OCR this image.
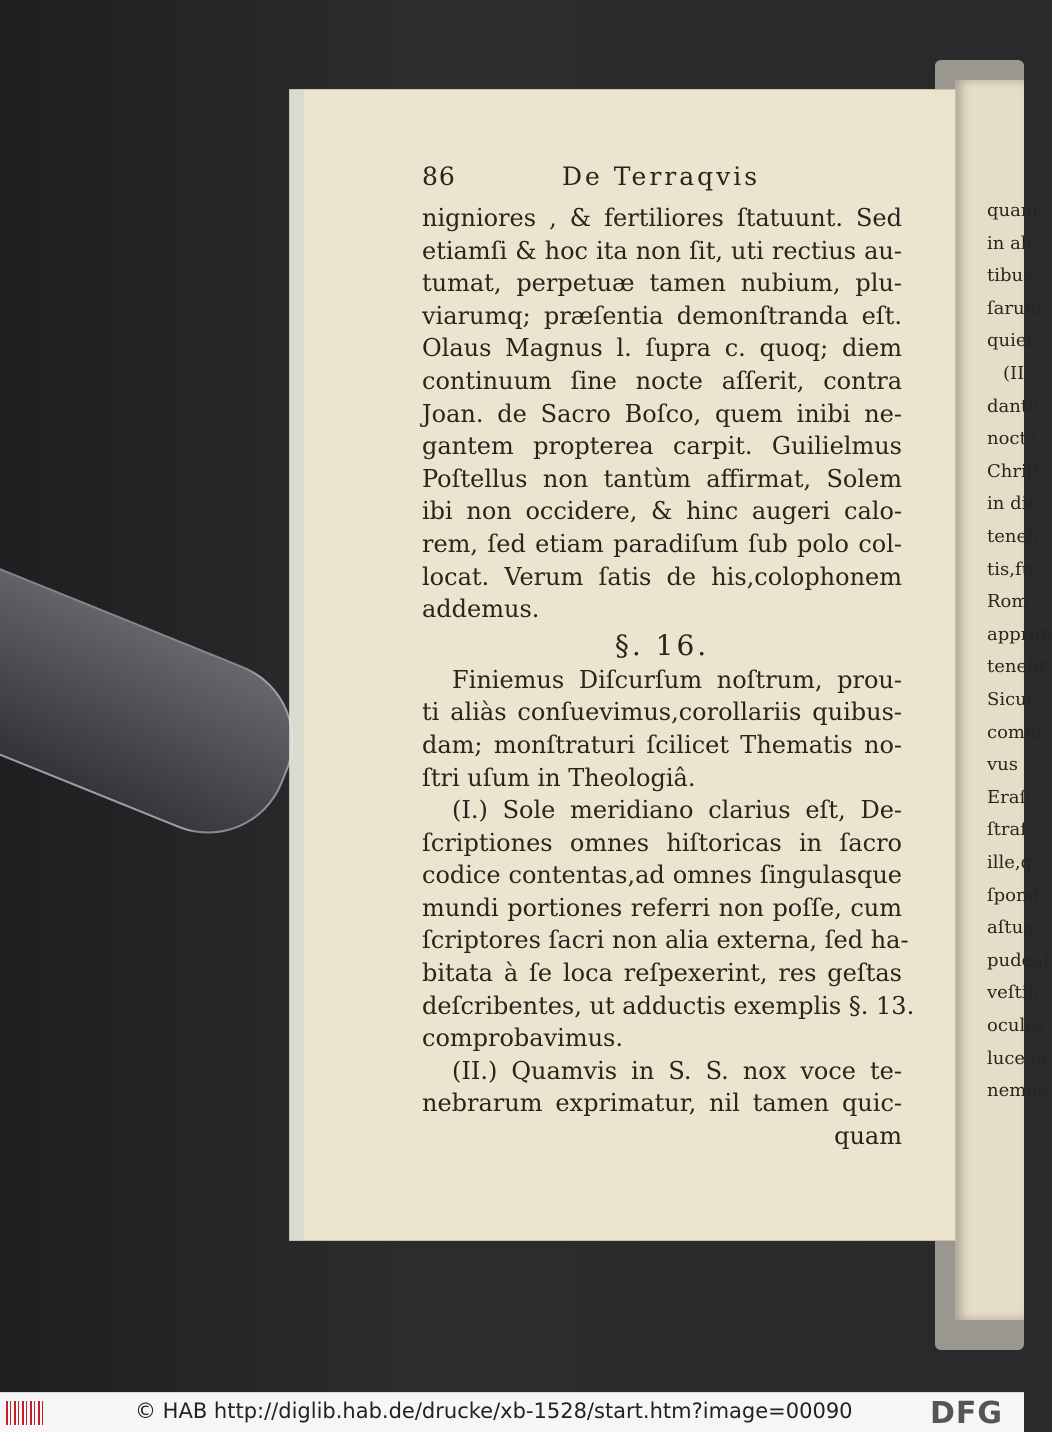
quam
in ali
tibus,
ſarum
quieſ
(II
dantu
nocte
Chriſt
in die
teneb
tis,fu
Rom
approp
tenebr
Sicut
comeſ
vus ,
Eraſi
ſtraf
ille,q
ſpond
aſtug
pudeat
veſtib
oculos
luce ja
nemus
86	De Terraqvis
nigniores , & fertiliores ſtatuunt. Sed
etiamſi & hoc ita non ſit, uti rectius au-
tumat, perpetuæ tamen nubium, plu-
viarumq; præſentia demonſtranda eſt.
Olaus Magnus l. ſupra c. quoq; diem
continuum ſine nocte aſſerit, contra
Joan. de Sacro Boſco, quem inibi ne-
gantem propterea carpit. Guilielmus
Poſtellus non tantùm affirmat, Solem
ibi non occidere, & hinc augeri calo-
rem, ſed etiam paradiſum ſub polo col-
locat. Verum ſatis de his,colophonem
addemus.
§. 16.
Finiemus Diſcurſum noſtrum, prou-
ti aliàs conſuevimus,corollariis quibus-
dam; monſtraturi ſcilicet Thematis no-
ſtri uſum in Theologiâ.
(I.) Sole meridiano clarius eſt, De-
ſcriptiones omnes hiſtoricas in ſacro
codice contentas,ad omnes ſingulasque
mundi portiones referri non poſſe, cum
ſcriptores ſacri non alia externa, ſed ha-
bitata à ſe loca reſpexerint, res geſtas
deſcribentes, ut adductis exemplis §. 13.
comprobavimus.
(II.) Quamvis in S. S. nox voce te-
nebrarum exprimatur, nil tamen quic-
quam
© HAB http://diglib.hab.de/drucke/xb-1528/start.htm?image=00090	DFG
